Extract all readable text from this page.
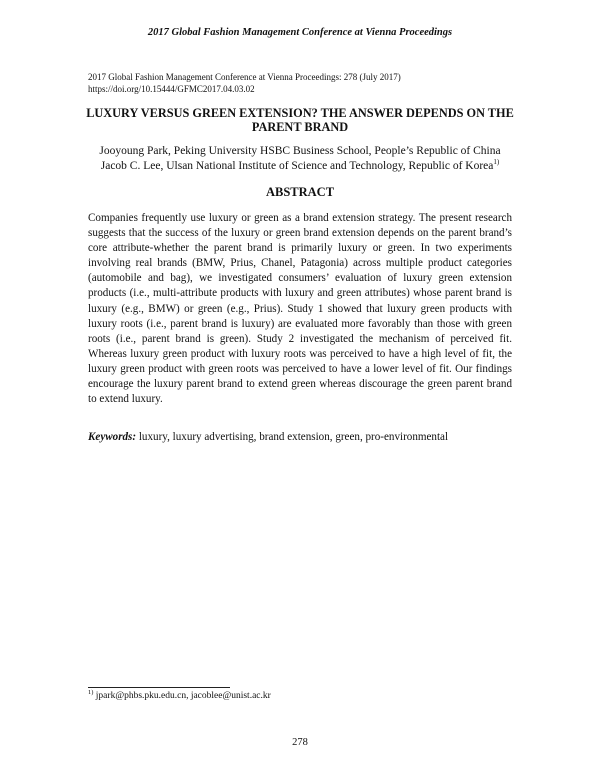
2017 Global Fashion Management Conference at Vienna Proceedings
2017 Global Fashion Management Conference at Vienna Proceedings: 278 (July 2017)
https://doi.org/10.15444/GFMC2017.04.03.02
LUXURY VERSUS GREEN EXTENSION? THE ANSWER DEPENDS ON THE PARENT BRAND
Jooyoung Park, Peking University HSBC Business School, People’s Republic of China
Jacob C. Lee, Ulsan National Institute of Science and Technology, Republic of Korea$^{1)}$
ABSTRACT

Companies frequently use luxury or green as a brand extension strategy. The present research suggests that the success of the luxury or green brand extension depends on the parent brand’s core attribute-whether the parent brand is primarily luxury or green. In two experiments involving real brands (BMW, Prius, Chanel, Patagonia) across multiple product categories (automobile and bag), we investigated consumers’ evaluation of luxury green extension products (i.e., multi-attribute products with luxury and green attributes) whose parent brand is luxury (e.g., BMW) or green (e.g., Prius). Study 1 showed that luxury green products with luxury roots (i.e., parent brand is luxury) are evaluated more favorably than those with green roots (i.e., parent brand is green). Study 2 investigated the mechanism of perceived fit. Whereas luxury green product with luxury roots was perceived to have a high level of fit, the luxury green product with green roots was perceived to have a lower level of fit. Our findings encourage the luxury parent brand to extend green whereas discourage the green parent brand to extend luxury.

Keywords: luxury, luxury advertising, brand extension, green, pro-environmental
$^{1)}$ jpark@phbs.pku.edu.cn, jacoblee@unist.ac.kr
278
